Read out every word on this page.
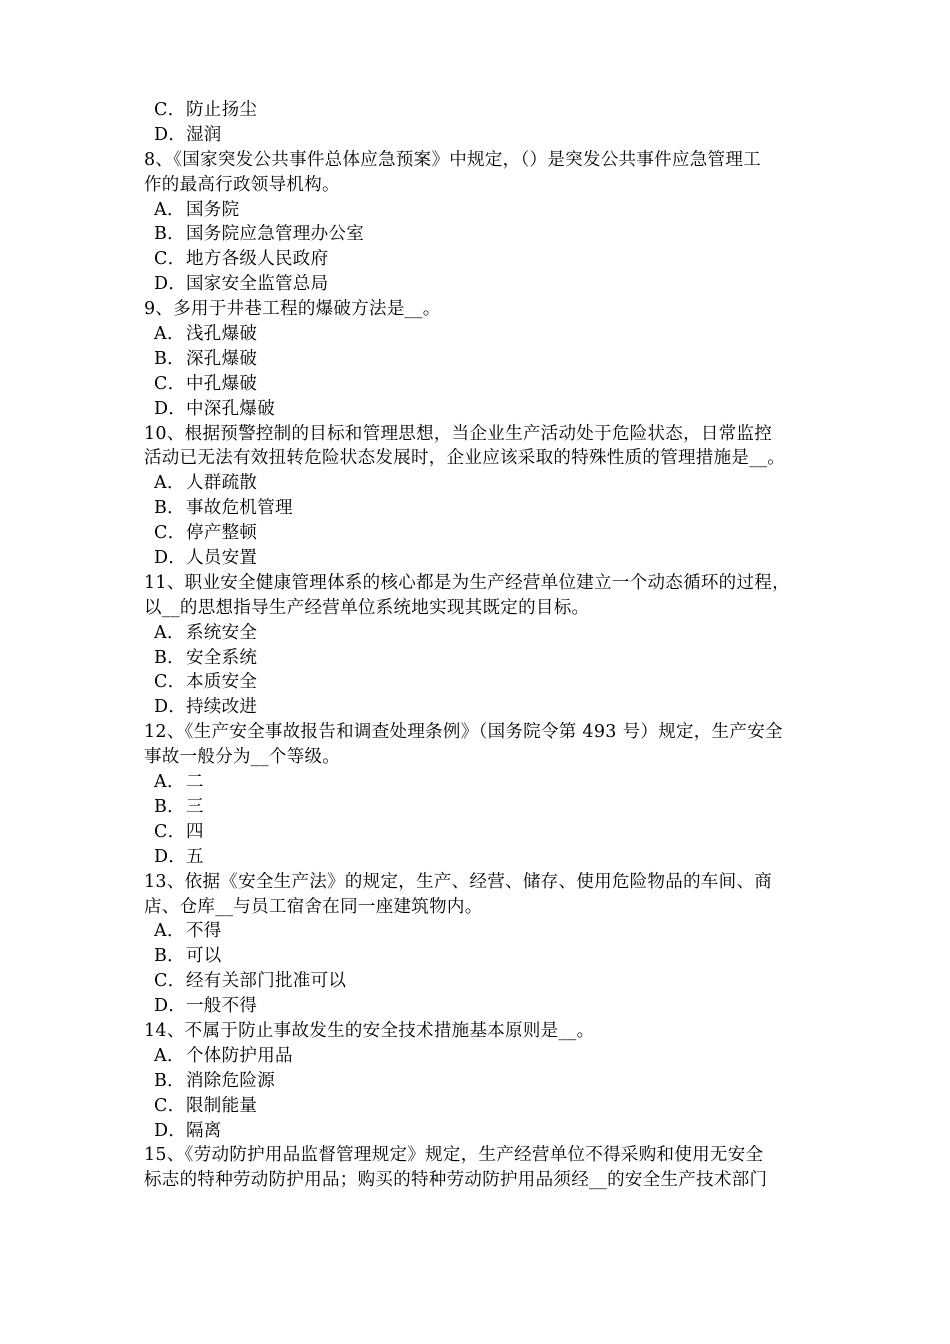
C．防止扬尘
D．湿润
8、《国家突发公共事件总体应急预案》中规定，（）是突发公共事件应急管理工
作的最高行政领导机构。
A．国务院
B．国务院应急管理办公室
C．地方各级人民政府
D．国家安全监管总局
9、多用于井巷工程的爆破方法是__。
A．浅孔爆破
B．深孔爆破
C．中孔爆破
D．中深孔爆破
10、根据预警控制的目标和管理思想，当企业生产活动处于危险状态，日常监控
活动已无法有效扭转危险状态发展时，企业应该采取的特殊性质的管理措施是__。
A．人群疏散
B．事故危机管理
C．停产整顿
D．人员安置
11、职业安全健康管理体系的核心都是为生产经营单位建立一个动态循环的过程，
以__的思想指导生产经营单位系统地实现其既定的目标。
A．系统安全
B．安全系统
C．本质安全
D．持续改进
12、《生产安全事故报告和调查处理条例》（国务院令第 493 号）规定，生产安全
事故一般分为__个等级。
A．二
B．三
C．四
D．五
13、依据《安全生产法》的规定，生产、经营、储存、使用危险物品的车间、商
店、仓库__与员工宿舍在同一座建筑物内。
A．不得
B．可以
C．经有关部门批准可以
D．一般不得
14、不属于防止事故发生的安全技术措施基本原则是__。
A．个体防护用品
B．消除危险源
C．限制能量
D．隔离
15、《劳动防护用品监督管理规定》规定，生产经营单位不得采购和使用无安全
标志的特种劳动防护用品；购买的特种劳动防护用品须经__的安全生产技术部门
